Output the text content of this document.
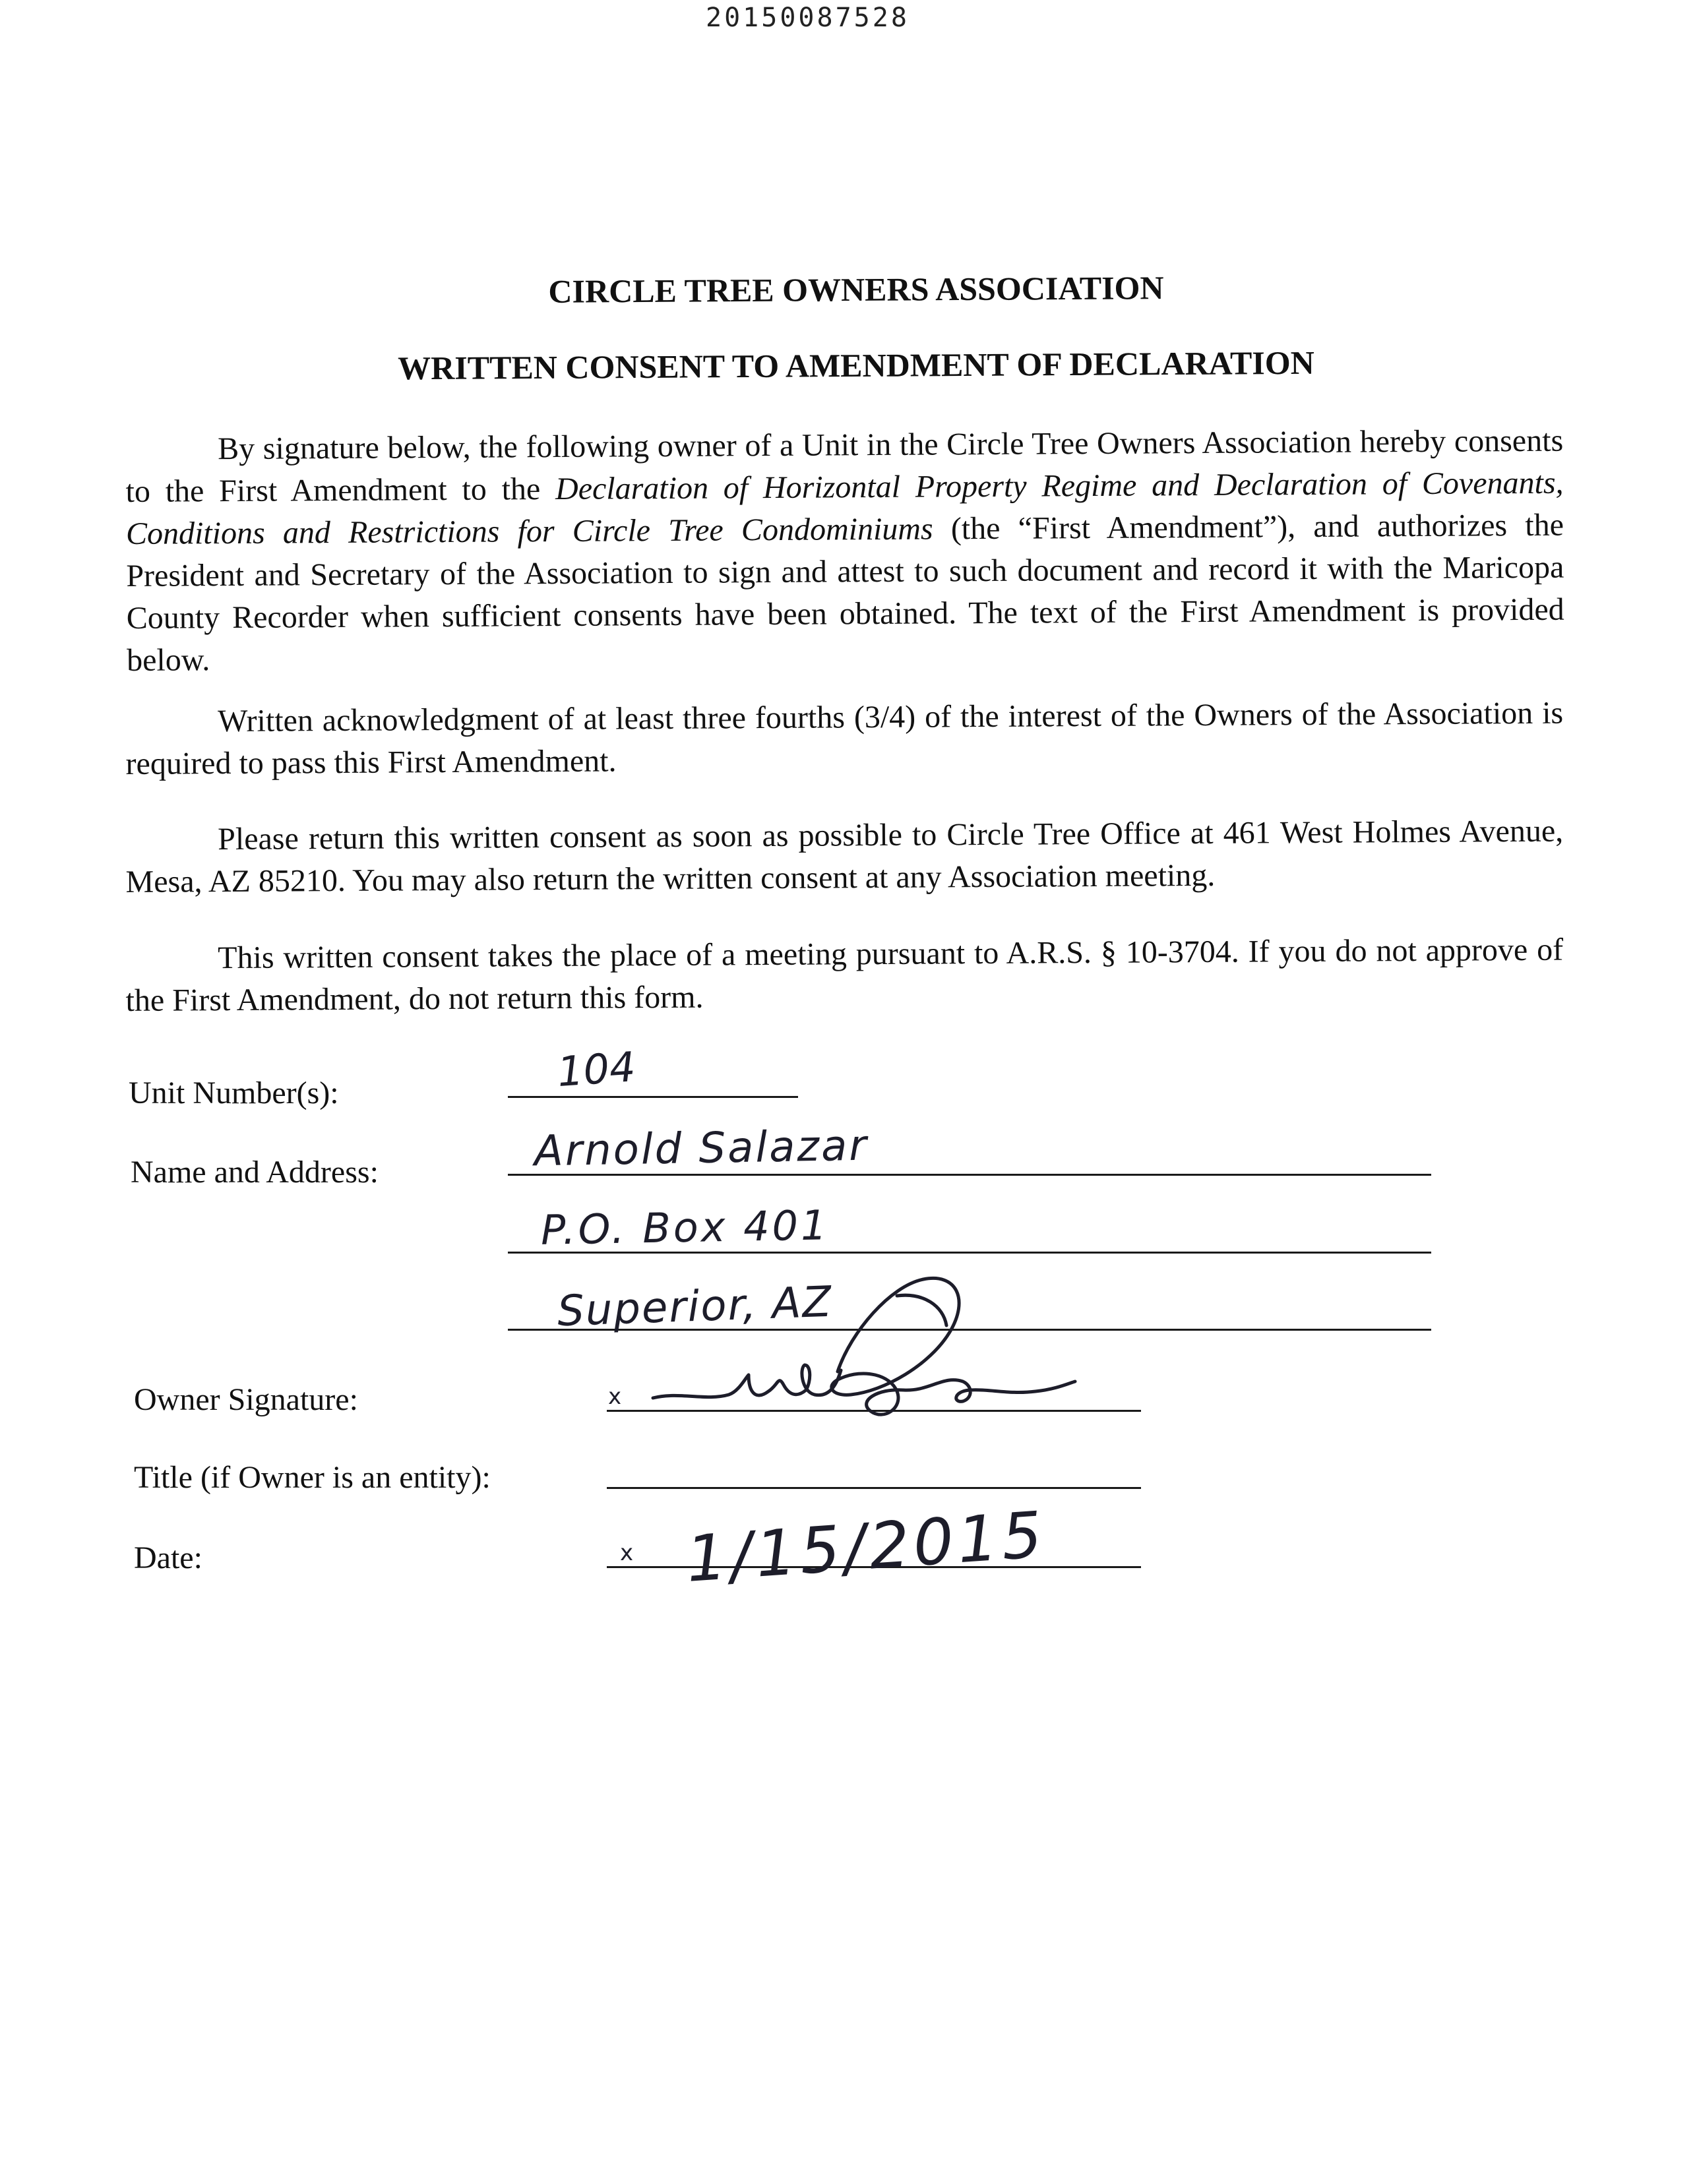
20150087528
CIRCLE TREE OWNERS ASSOCIATION
WRITTEN CONSENT TO AMENDMENT OF DECLARATION

By signature below, the following owner of a Unit in the Circle Tree Owners Association hereby consents to the First Amendment to the Declaration of Horizontal Property Regime and Declaration of Covenants, Conditions and Restrictions for Circle Tree Condominiums (the “First Amendment”), and authorizes the President and Secretary of the Association to sign and attest to such document and record it with the Maricopa County Recorder when sufficient consents have been obtained. The text of the First Amendment is provided below.

Written acknowledgment of at least three fourths (3/4) of the interest of the Owners of the Association is required to pass this First Amendment.

Please return this written consent as soon as possible to Circle Tree Office at 461 West Holmes Avenue, Mesa, AZ 85210. You may also return the written consent at any Association meeting.

This written consent takes the place of a meeting pursuant to A.R.S. § 10-3704. If you do not approve of the First Amendment, do not return this form.

Unit Number(s):	104
Name and Address:	Arnold Salazar
P.O. Box 401
Superior, AZ
Owner Signature:	x
Title (if Owner is an entity):
Date:	x 1/15/2015
